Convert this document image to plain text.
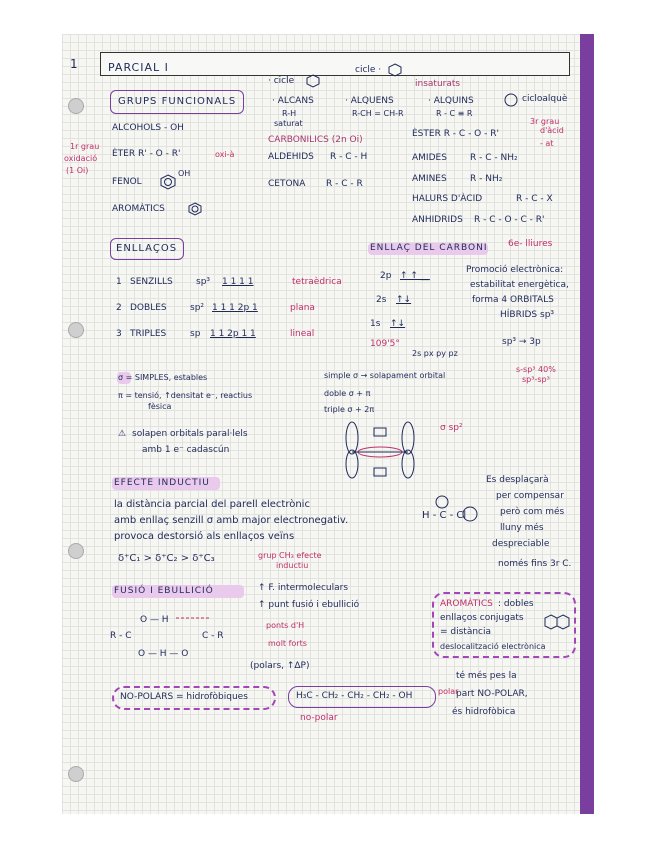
1	PARCIAL I
· cicle
cicle ·
insaturats
· ALCANS
R-H
saturat
· ALQUENS
R-CH = CH-R
· ALQUINS
R - C ≡ R
cicloalquè
GRUPS FUNCIONALS
1r grau
oxidació
(1 Oi)
ALCOHOLS - OH
ÈTER R' - O - R'	oxi-à
FENOL
OH
AROMÀTICS
CARBONILICS (2n Oi)
ALDEHIDS R - C - H
CETONA R - C - R
ÈSTER R - C - O - R'
3r grau
d'àcid
- at
AMIDES	R - C - NH₂
AMINES	R - NH₂
HALURS D'ÀCID	R - C - X
ANHIDRIDS R - C - O - C - R'
ENLLAÇOS
1 SENZILLS	sp³ 1 1 1 1	tetraèdrica
2 DOBLES	sp² 1 1 1 2p 1	plana
3 TRIPLES	sp 1 1 2p 1 1	lineal
ENLLAÇ DEL CARBONI 6e- lliures
2p
2s
1s
↑ ↑ __
↑↓
↑↓
Promoció electrònica:
estabilitat energètica,
forma 4 ORBITALS
HÍBRIDS sp³
109'5°
2s px py pz
sp³ → 3p
σ = SIMPLES, estables
π = tensió, ↑densitat e⁻, reactius
fèsica
simple σ → solapament orbital
doble σ + π
triple σ + 2π
s-sp³ 40%
sp³-sp³
⚠ solapen orbitals paral·lels
amb 1 e⁻ cadascún
σ sp²
EFECTE INDUCTIU
la distància parcial del parell electrònic
amb enllaç senzill σ amb major electronegativ.
provoca destorsió als enllaços veïns
δ⁺C₁ > δ⁺C₂ > δ⁺C₃	grup CH₃ efecte
inductiu
H - C - Cl
Es desplaçarà
per compensar
però com més
lluny més
despreciable
només fins 3r C.
FUSIÓ I EBULLICIÓ	↑ F. intermoleculars
↑ punt fusió i ebullició
R - C
O — H
O — H — O
C - R
ponts d'H
molt forts
(polars, ↑ΔP)
NO-POLARS = hidrofòbiques	H₃C - CH₂ - CH₂ - CH₂ - OH	polar
no-polar
AROMÀTICS : dobles
enllaços conjugats
= distància
deslocalització electrònica
té més pes la
part NO-POLAR,
és hidrofòbica
